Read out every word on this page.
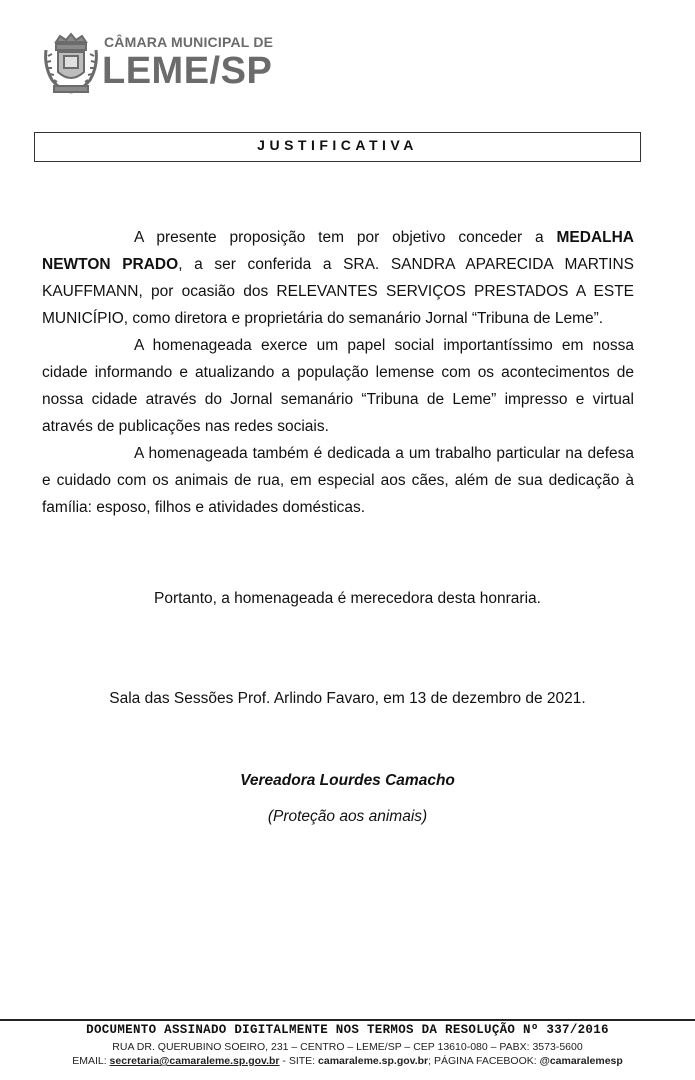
CÂMARA MUNICIPAL DE
LEME/SP
JUSTIFICATIVA

A presente proposição tem por objetivo conceder a MEDALHA NEWTON PRADO, a ser conferida a SRA. SANDRA APARECIDA MARTINS KAUFFMANN, por ocasião dos RELEVANTES SERVIÇOS PRESTADOS A ESTE MUNICÍPIO, como diretora e proprietária do semanário Jornal “Tribuna de Leme”.

A homenageada exerce um papel social importantíssimo em nossa cidade informando e atualizando a população lemense com os acontecimentos de nossa cidade através do Jornal semanário “Tribuna de Leme” impresso e virtual através de publicações nas redes sociais.

A homenageada também é dedicada a um trabalho particular na defesa e cuidado com os animais de rua, em especial aos cães, além de sua dedicação à família: esposo, filhos e atividades domésticas.

Portanto, a homenageada é merecedora desta honraria.
Sala das Sessões Prof. Arlindo Favaro, em 13 de dezembro de 2021.
Vereadora Lourdes Camacho
(Proteção aos animais)
DOCUMENTO ASSINADO DIGITALMENTE NOS TERMOS DA RESOLUÇÃO Nº 337/2016
RUA DR. QUERUBINO SOEIRO, 231 – CENTRO – LEME/SP – CEP 13610-080 – PABX: 3573-5600
EMAIL: secretaria@camaraleme.sp.gov.br - SITE: camaraleme.sp.gov.br; PÁGINA FACEBOOK: @camaralemesp
